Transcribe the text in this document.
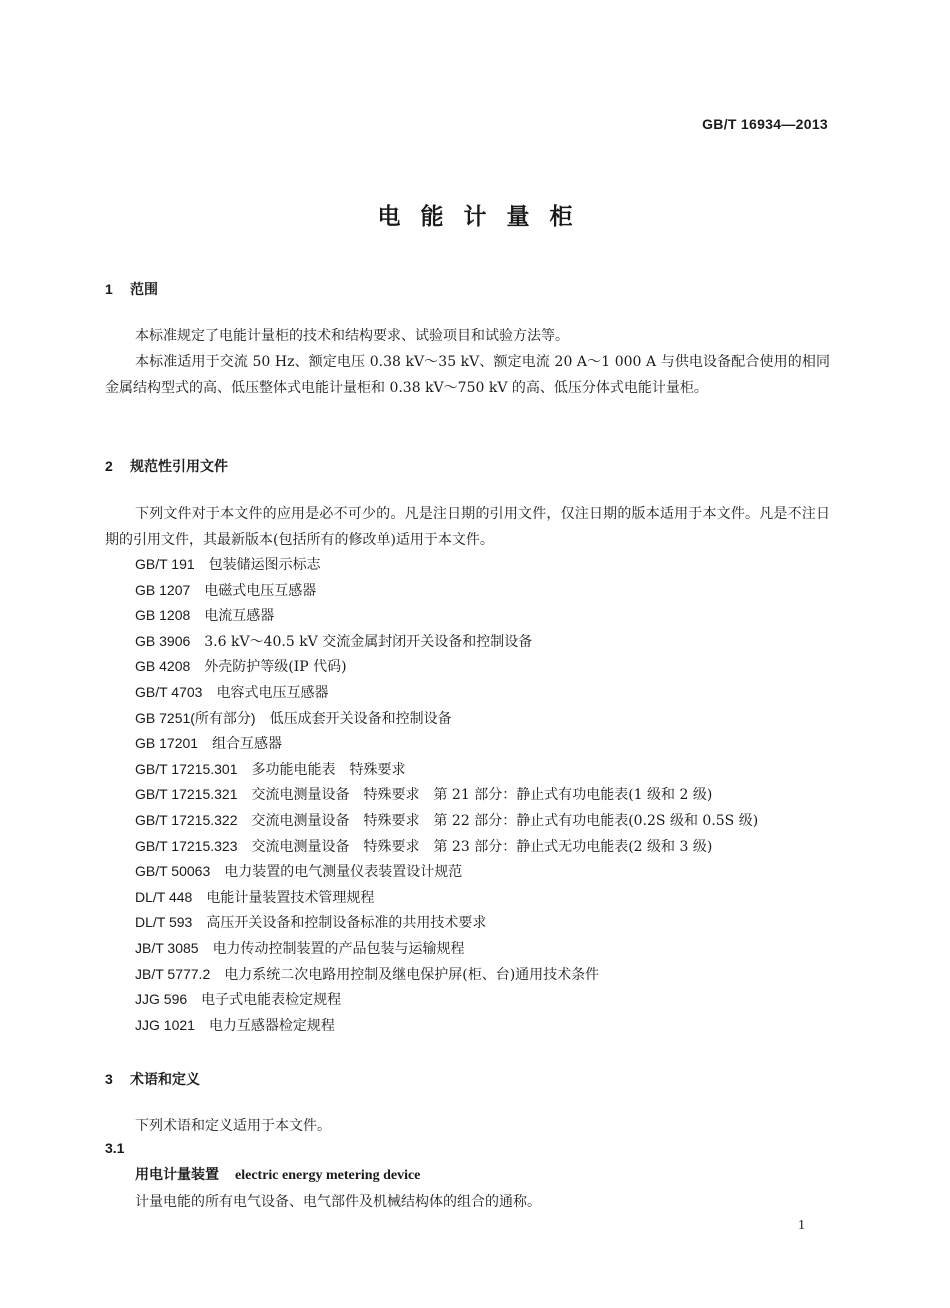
GB/T 16934—2013
电能计量柜
1 范围
本标准规定了电能计量柜的技术和结构要求、试验项目和试验方法等。
本标准适用于交流 50 Hz、额定电压 0.38 kV～35 kV、额定电流 20 A～1 000 A 与供电设备配合使用的相同金属结构型式的高、低压整体式电能计量柜和 0.38 kV～750 kV 的高、低压分体式电能计量柜。
2 规范性引用文件
下列文件对于本文件的应用是必不可少的。凡是注日期的引用文件，仅注日期的版本适用于本文件。凡是不注日期的引用文件，其最新版本(包括所有的修改单)适用于本文件。
GB/T 191 包装储运图示标志
GB 1207 电磁式电压互感器
GB 1208 电流互感器
GB 3906 3.6 kV～40.5 kV 交流金属封闭开关设备和控制设备
GB 4208 外壳防护等级(IP 代码)
GB/T 4703 电容式电压互感器
GB 7251(所有部分) 低压成套开关设备和控制设备
GB 17201 组合互感器
GB/T 17215.301 多功能电能表　特殊要求
GB/T 17215.321 交流电测量设备　特殊要求　第 21 部分：静止式有功电能表(1 级和 2 级)
GB/T 17215.322 交流电测量设备　特殊要求　第 22 部分：静止式有功电能表(0.2S 级和 0.5S 级)
GB/T 17215.323 交流电测量设备　特殊要求　第 23 部分：静止式无功电能表(2 级和 3 级)
GB/T 50063 电力装置的电气测量仪表装置设计规范
DL/T 448 电能计量装置技术管理规程
DL/T 593 高压开关设备和控制设备标准的共用技术要求
JB/T 3085 电力传动控制装置的产品包装与运输规程
JB/T 5777.2 电力系统二次电路用控制及继电保护屏(柜、台)通用技术条件
JJG 596 电子式电能表检定规程
JJG 1021 电力互感器检定规程
3 术语和定义
下列术语和定义适用于本文件。
3.1
用电计量装置 electric energy metering device
计量电能的所有电气设备、电气部件及机械结构体的组合的通称。
1
